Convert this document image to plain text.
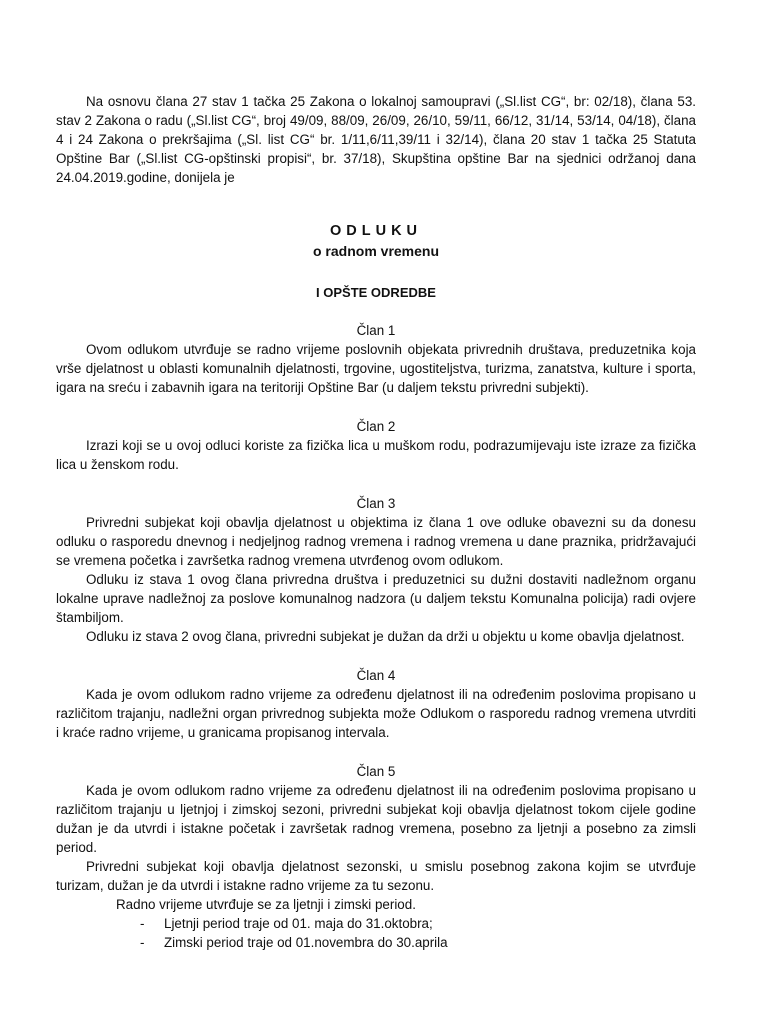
Na osnovu člana 27 stav 1 tačka 25 Zakona o lokalnoj samoupravi („Sl.list CG“, br: 02/18), člana 53. stav 2 Zakona o radu („Sl.list CG“, broj 49/09, 88/09, 26/09, 26/10, 59/11, 66/12, 31/14, 53/14, 04/18), člana 4 i 24 Zakona o prekršajima („Sl. list CG“ br. 1/11,6/11,39/11 i 32/14), člana 20 stav 1 tačka 25 Statuta Opštine Bar („Sl.list CG-opštinski propisi“, br. 37/18), Skupština opštine Bar na sjednici održanoj dana 24.04.2019.godine, donijela je

ODLUKU

o radnom vremenu

I OPŠTE ODREDBE

Član 1

Ovom odlukom utvrđuje se radno vrijeme poslovnih objekata privrednih društava, preduzetnika koja vrše djelatnost u oblasti komunalnih djelatnosti, trgovine, ugostiteljstva, turizma, zanatstva, kulture i sporta, igara na sreću i zabavnih igara na teritoriji Opštine Bar (u daljem tekstu privredni subjekti).

Član 2

Izrazi koji se u ovoj odluci koriste za fizička lica u muškom rodu, podrazumijevaju iste izraze za fizička lica u ženskom rodu.

Član 3

Privredni subjekat koji obavlja djelatnost u objektima iz člana 1 ove odluke obavezni su da donesu odluku o rasporedu dnevnog i nedjeljnog radnog vremena i radnog vremena u dane praznika, pridržavajući se vremena početka i završetka radnog vremena utvrđenog ovom odlukom.

Odluku iz stava 1 ovog člana privredna društva i preduzetnici su dužni dostaviti nadležnom organu lokalne uprave nadležnoj za poslove komunalnog nadzora (u daljem tekstu Komunalna policija) radi ovjere štambiljom.

Odluku iz stava 2 ovog člana, privredni subjekat je dužan da drži u objektu u kome obavlja djelatnost.

Član 4

Kada je ovom odlukom radno vrijeme za određenu djelatnost ili na određenim poslovima propisano u različitom trajanju, nadležni organ privrednog subjekta može Odlukom o rasporedu radnog vremena utvrditi i kraće radno vrijeme, u granicama propisanog intervala.

Član 5

Kada je ovom odlukom radno vrijeme za određenu djelatnost ili na određenim poslovima propisano u različitom trajanju u ljetnjoj i zimskoj sezoni, privredni subjekat koji obavlja djelatnost tokom cijele godine dužan je da utvrdi i istakne početak i završetak radnog vremena, posebno za ljetnji a posebno za zimsli period.

Privredni subjekat koji obavlja djelatnost sezonski, u smislu posebnog zakona kojim se utvrđuje turizam, dužan je da utvrdi i istakne radno vrijeme za tu sezonu.

Radno vrijeme utvrđuje se za ljetnji i zimski period.

-	Ljetnji period traje od 01. maja do 31.oktobra;
-	Zimski period traje od 01.novembra do 30.aprila
